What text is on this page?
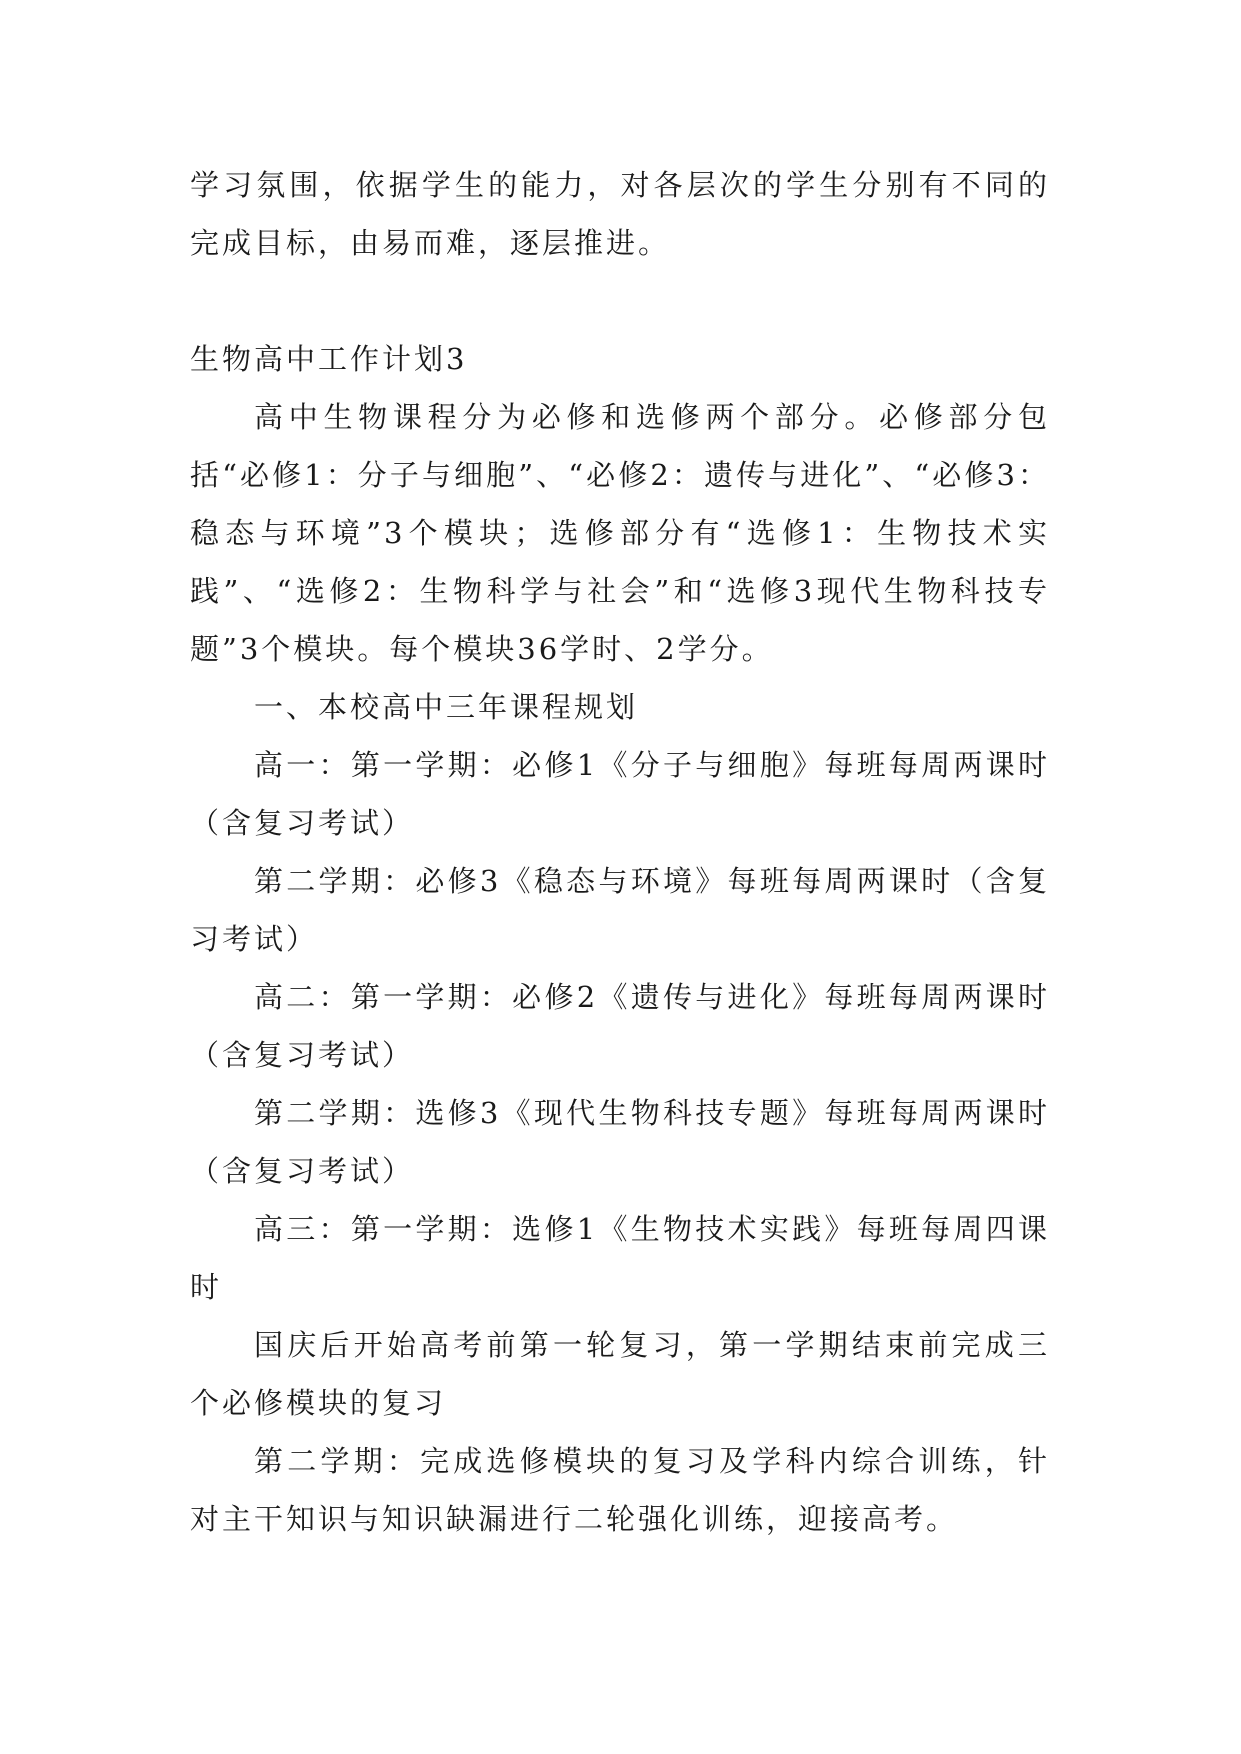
学习氛围，依据学生的能力，对各层次的学生分别有不同的完成目标，由易而难，逐层推进。

生物高中工作计划3

高中生物课程分为必修和选修两个部分。必修部分包括“必修1：分子与细胞”、“必修2：遗传与进化”、“必修3：稳态与环境”3个模块；选修部分有“选修1：生物技术实践”、“选修2：生物科学与社会”和“选修3现代生物科技专题”3个模块。每个模块36学时、2学分。

一、本校高中三年课程规划

高一：第一学期：必修1《分子与细胞》每班每周两课时（含复习考试）

第二学期：必修3《稳态与环境》每班每周两课时（含复习考试）

高二：第一学期：必修2《遗传与进化》每班每周两课时（含复习考试）

第二学期：选修3《现代生物科技专题》每班每周两课时（含复习考试）

高三：第一学期：选修1《生物技术实践》每班每周四课时

国庆后开始高考前第一轮复习，第一学期结束前完成三个必修模块的复习

第二学期：完成选修模块的复习及学科内综合训练，针对主干知识与知识缺漏进行二轮强化训练，迎接高考。
